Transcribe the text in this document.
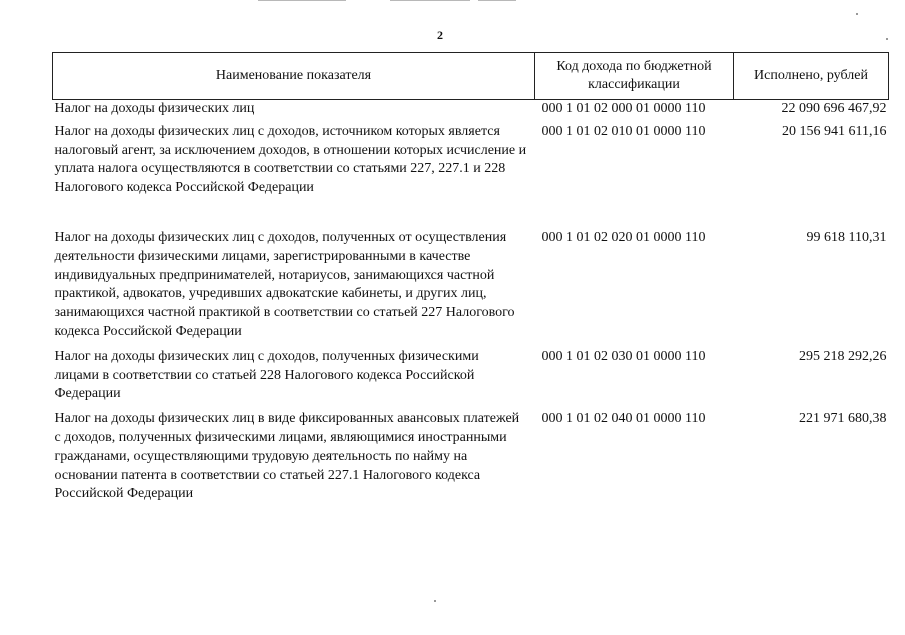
2
Наименование показателя	Код дохода по бюджетной классификации	Исполнено, рублей
Налог на доходы физических лиц	000 1 01 02 000 01 0000 110	22 090 696 467,92
Налог на доходы физических лиц с доходов, источником которых является налоговый агент, за исключением доходов, в отношении которых исчисление и уплата налога осуществляются в соответствии со статьями 227, 227.1 и 228 Налогового кодекса Российской Федерации	000 1 01 02 010 01 0000 110	20 156 941 611,16
Налог на доходы физических лиц с доходов, полученных от осуществления деятельности физическими лицами, зарегистрированными в качестве индивидуальных предпринимателей, нотариусов, занимающихся частной практикой, адвокатов, учредивших адвокатские кабинеты, и других лиц, занимающихся частной практикой в соответствии со статьей 227 Налогового кодекса Российской Федерации	000 1 01 02 020 01 0000 110	99 618 110,31
Налог на доходы физических лиц с доходов, полученных физическими лицами в соответствии со статьей 228 Налогового кодекса Российской Федерации	000 1 01 02 030 01 0000 110	295 218 292,26
Налог на доходы физических лиц в виде фиксированных авансовых платежей с доходов, полученных физическими лицами, являющимися иностранными гражданами, осуществляющими трудовую деятельность по найму на основании патента в соответствии со статьей 227.1 Налогового кодекса Российской Федерации	000 1 01 02 040 01 0000 110	221 971 680,38
